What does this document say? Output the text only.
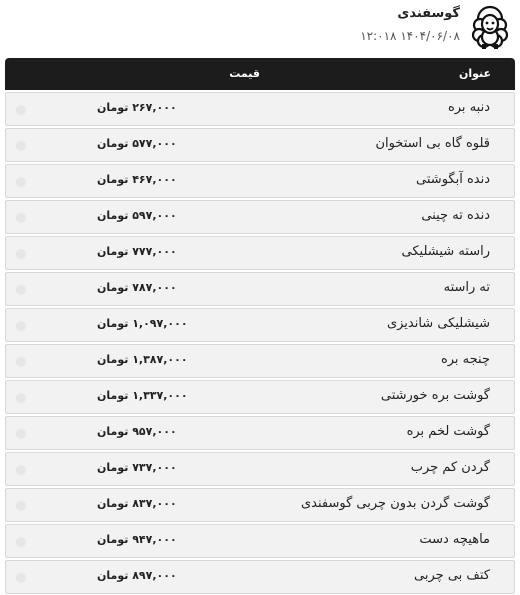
گوسفندی
۱۴۰۴/۰۶/۰۸ ۱۲:۰۱۸
عنوان
قیمت
دنبه بره
۲۶۷,۰۰۰ تومان
قلوه گاه بی استخوان
۵۷۷,۰۰۰ تومان
دنده آبگوشتی
۴۶۷,۰۰۰ تومان
دنده ته چینی
۵۹۷,۰۰۰ تومان
راسته شیشلیکی
۷۷۷,۰۰۰ تومان
ته راسته
۷۸۷,۰۰۰ تومان
شیشلیکی شاندیزی
۱,۰۹۷,۰۰۰ تومان
چنجه بره
۱,۳۸۷,۰۰۰ تومان
گوشت بره خورشتی
۱,۳۳۷,۰۰۰ تومان
گوشت لخم بره
۹۵۷,۰۰۰ تومان
گردن کم چرب
۷۳۷,۰۰۰ تومان
گوشت گردن بدون چربی گوسفندی
۸۳۷,۰۰۰ تومان
ماهیچه دست
۹۴۷,۰۰۰ تومان
کتف بی چربی
۸۹۷,۰۰۰ تومان
